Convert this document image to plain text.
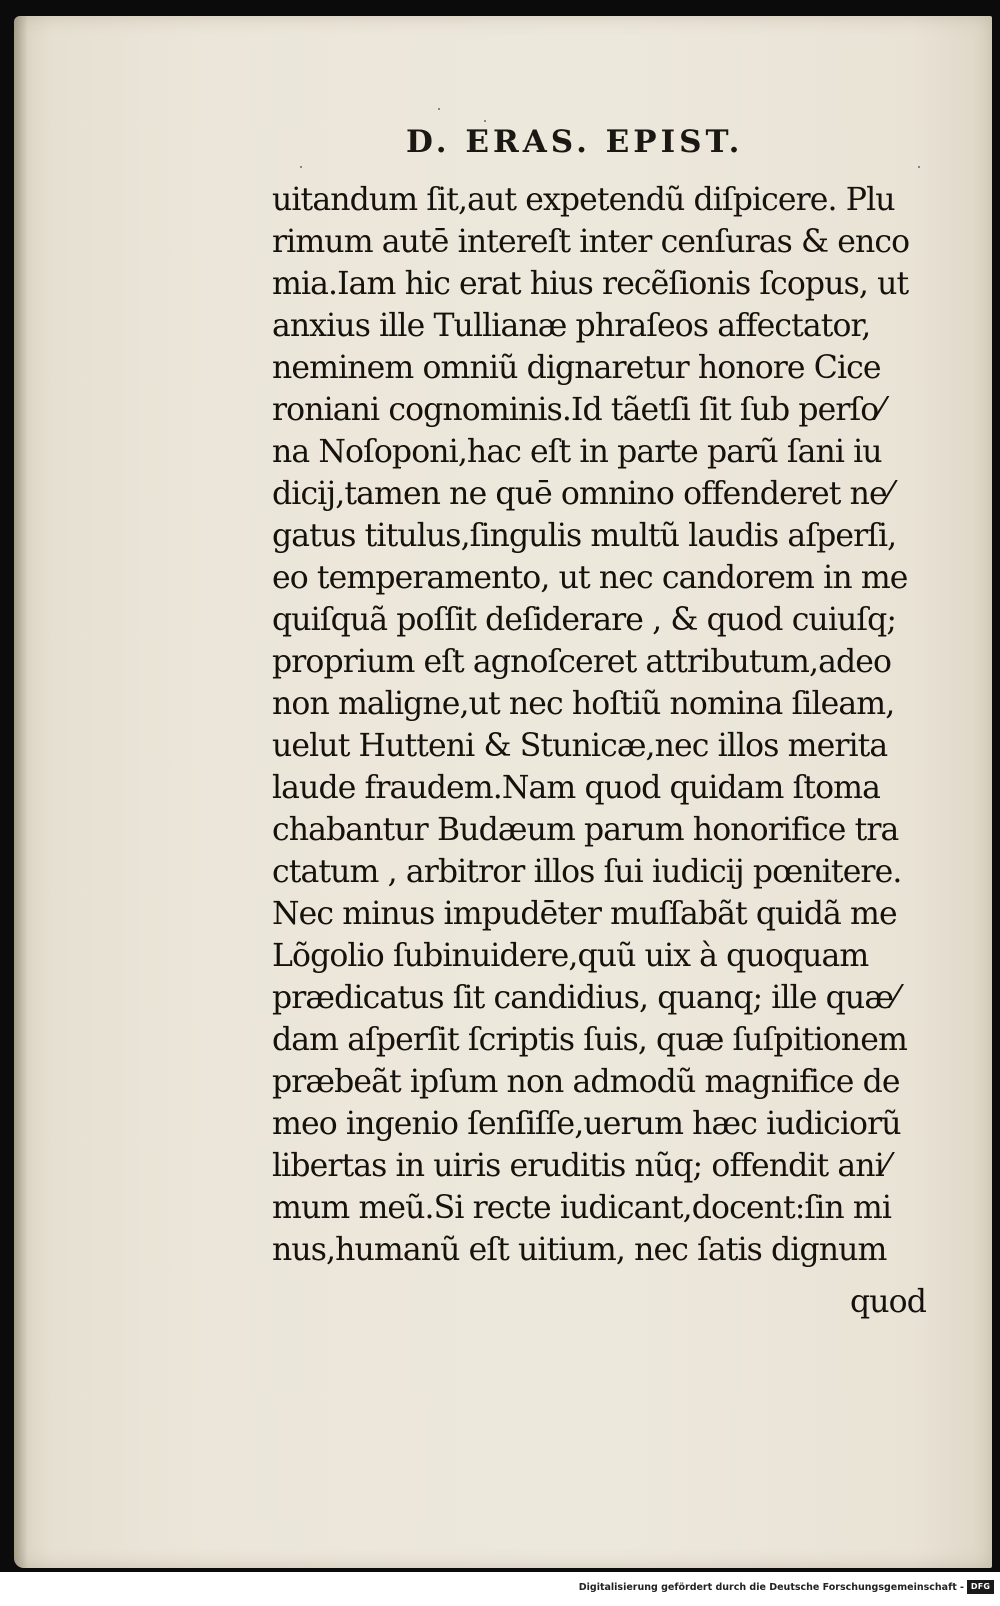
D. ERAS. EPIST.
uitandum ſit,aut expetendũ diſpicere. Plu
rimum autē intereſt inter cenſuras & enco
mia.Iam hic erat hius recẽſionis ſcopus, ut
anxius ille Tullianæ phraſeos affectator,
neminem omniũ dignaretur honore Cice
roniani cognominis.Id tãetſi ſit ſub perſo⁄
na Noſoponi,hac eſt in parte parũ ſani iu
dicij,tamen ne quē omnino offenderet ne⁄
gatus titulus,ſingulis multũ laudis aſperſi,
eo temperamento, ut nec candorem in me
quiſquã poſſit deſiderare , & quod cuiuſq;
proprium eſt agnoſceret attributum,adeo
non maligne,ut nec hoſtiũ nomina ſileam,
uelut Hutteni & Stunicæ,nec illos merita
laude fraudem.Nam quod quidam ſtoma
chabantur Budæum parum honorifice tra
ctatum , arbitror illos ſui iudicij pœnitere.
Nec minus impudēter muſſabãt quidã me
Lõgolio ſubinuidere,quũ uix à quoquam
prædicatus ſit candidius, quanq; ille quæ⁄
dam aſperſit ſcriptis ſuis, quæ ſuſpitionem
præbeãt ipſum non admodũ magnifice de
meo ingenio ſenſiſſe,uerum hæc iudiciorũ
libertas in uiris eruditis nũq; offendit ani⁄
mum meũ.Si recte iudicant,docent:ſin mi
nus,humanũ eſt uitium, nec ſatis dignum
quod
Digitalisierung gefördert durch die Deutsche Forschungsgemeinschaft - DFG
